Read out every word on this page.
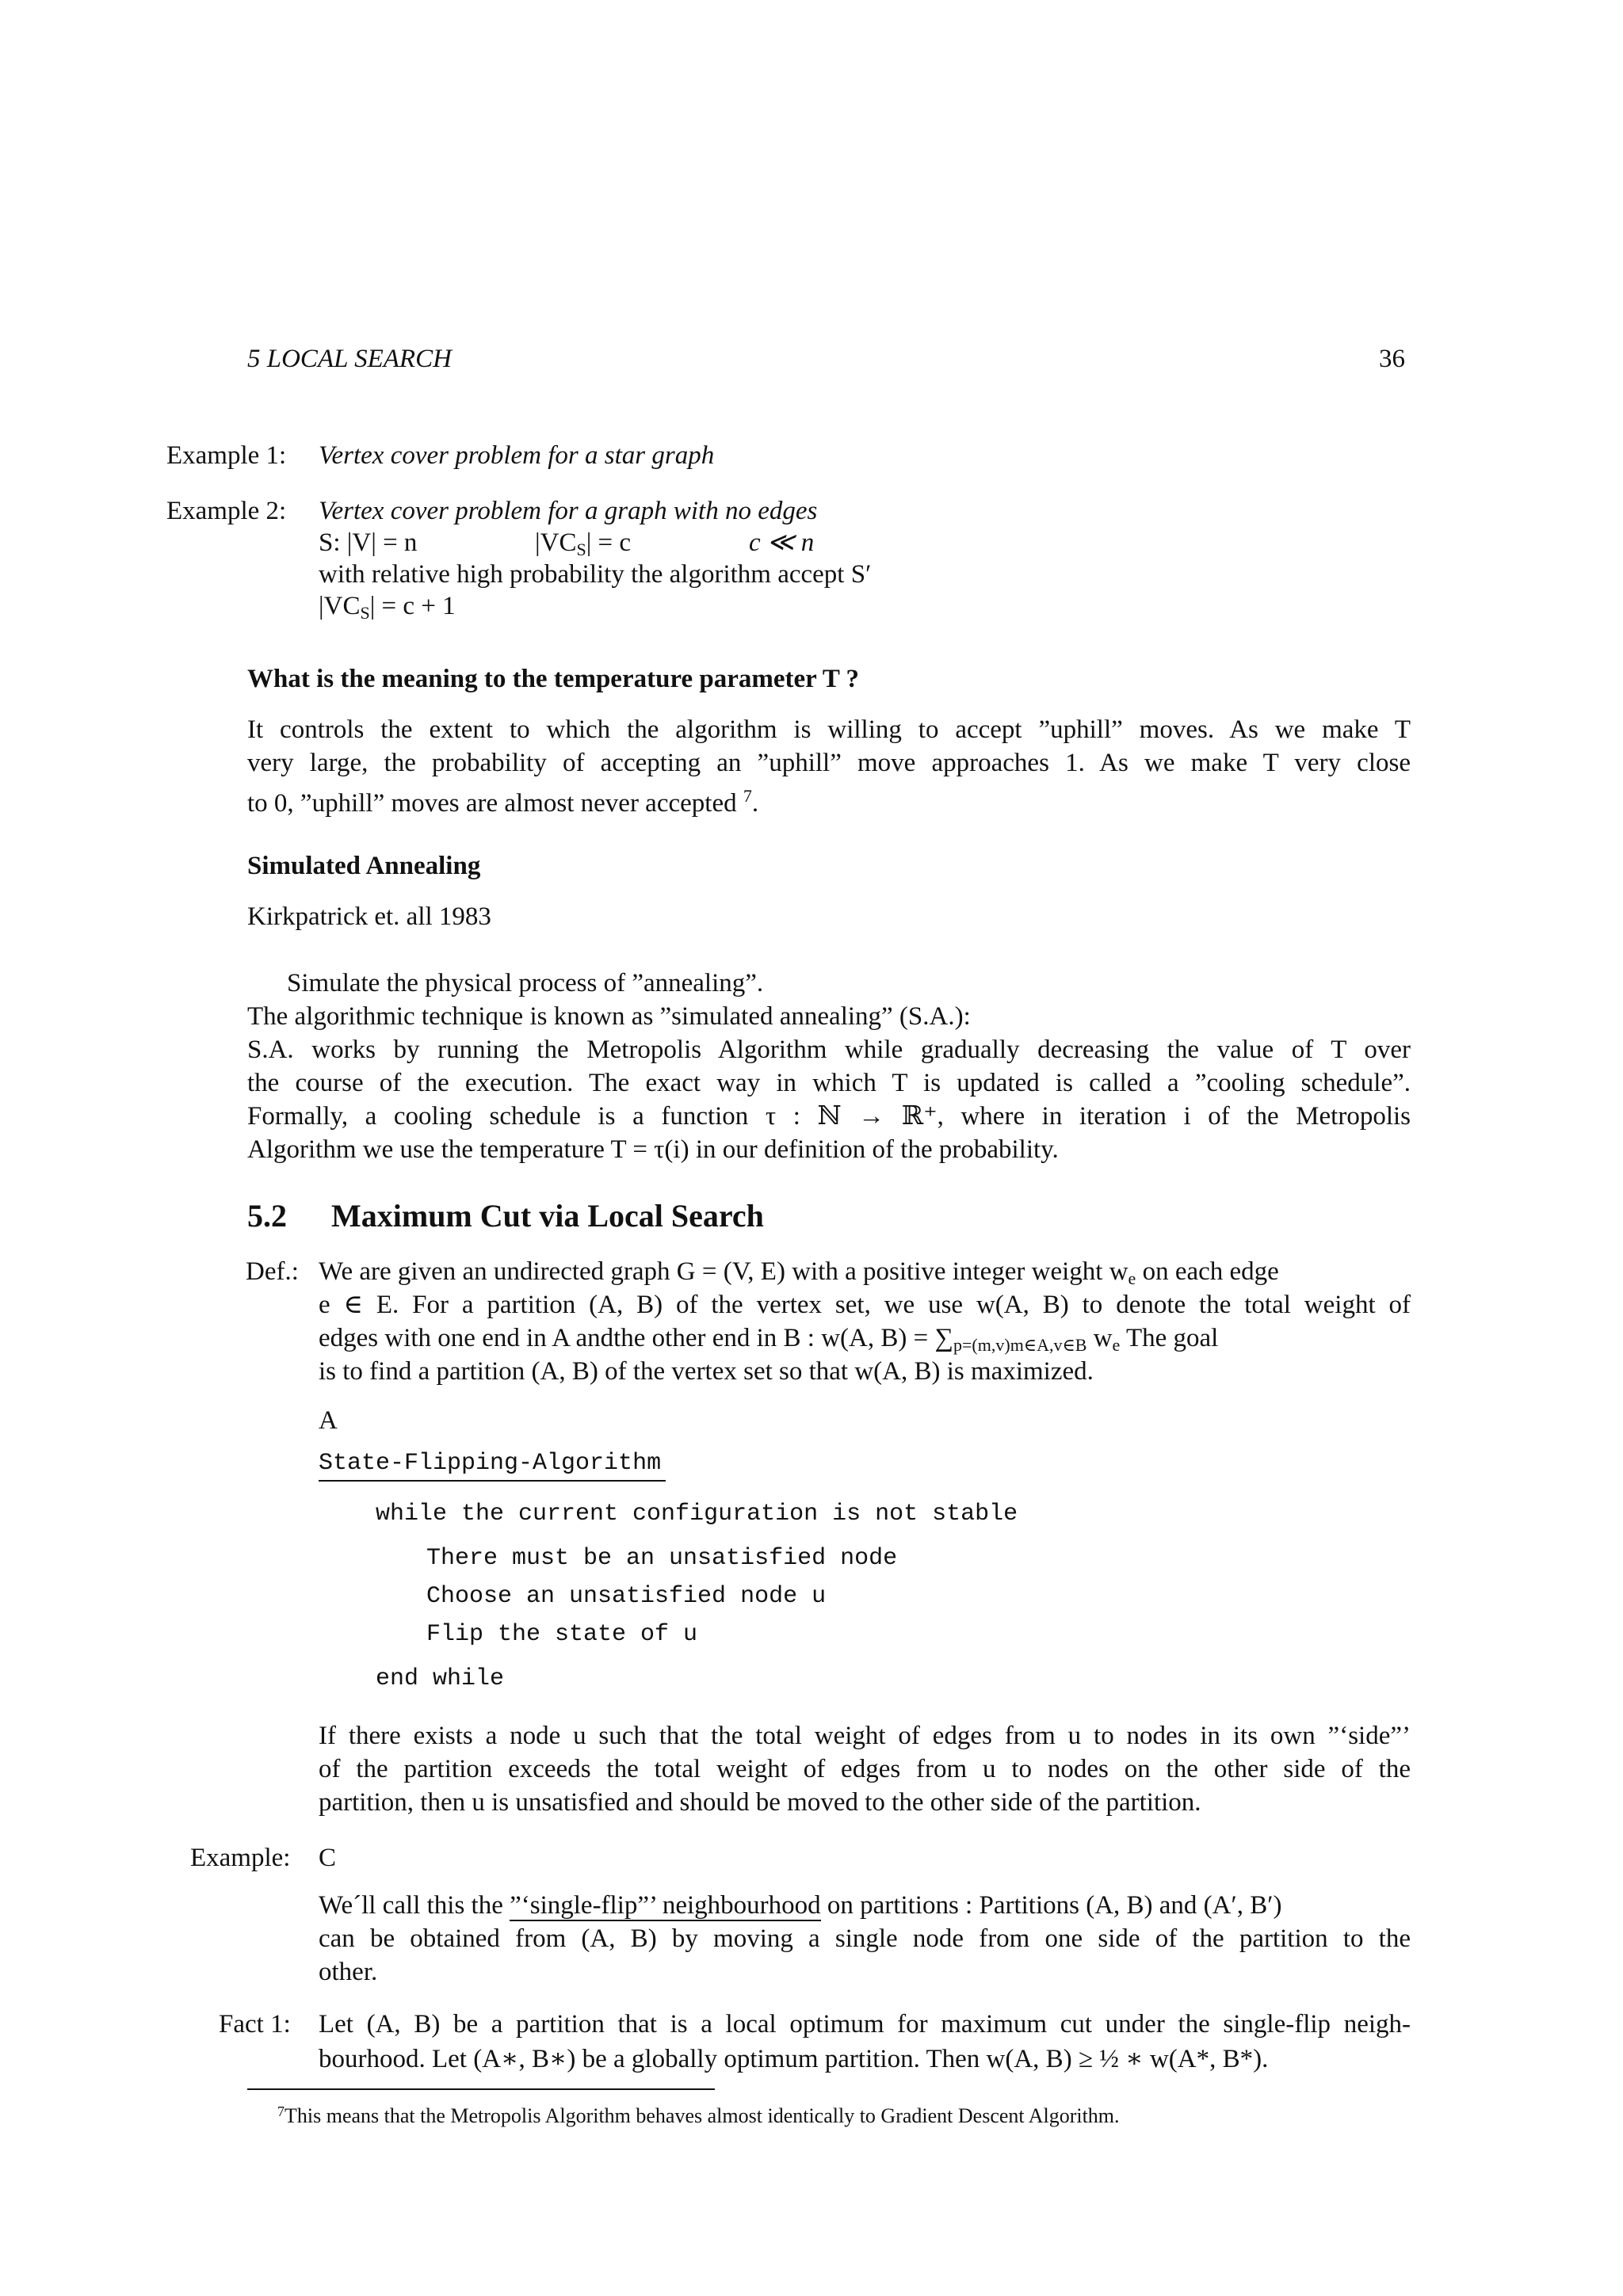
5 LOCAL SEARCH	36
Example 1: Vertex cover problem for a star graph
Example 2: Vertex cover problem for a graph with no edges
S: |V| = n	$|VC_S| = c$	c ≪ n
with relative high probability the algorithm accept S′
$|VC_S| = c + 1$
What is the meaning to the temperature parameter T ?
It controls the extent to which the algorithm is willing to accept ”uphill” moves. As we make T
very large, the probability of accepting an ”uphill” move approaches 1. As we make T very close
to 0, ”uphill” moves are almost never accepted $^7$.
Simulated Annealing
Kirkpatrick et. all 1983
Simulate the physical process of ”annealing”.
The algorithmic technique is known as ”simulated annealing” (S.A.):
S.A. works by running the Metropolis Algorithm while gradually decreasing the value of T over
the course of the execution. The exact way in which T is updated is called a ”cooling schedule”.
Formally, a cooling schedule is a function τ : ℕ → ℝ⁺, where in iteration i of the Metropolis
Algorithm we use the temperature T = τ(i) in our definition of the probability.
5.2 Maximum Cut via Local Search
Def.: We are given an undirected graph G = (V, E) with a positive integer weight $w_e$ on each edge
e ∈ E. For a partition (A, B) of the vertex set, we use w(A, B) to denote the total weight of
edges with one end in A andthe other end in B : w(A, $B) = \sum_{p=(m,v)m\in A,v\in B}$ $w_e$ The goal
is to find a partition (A, B) of the vertex set so that w(A, B) is maximized.
A
State-Flipping-Algorithm
while the current configuration is not stable
There must be an unsatisfied node
Choose an unsatisfied node u
Flip the state of u
end while
If there exists a node u such that the total weight of edges from u to nodes in its own ”‘side”’
of the partition exceeds the total weight of edges from u to nodes on the other side of the
partition, then u is unsatisfied and should be moved to the other side of the partition.
Example: C
We´ll call this the ”‘single-flip”’ neighbourhood on partitions : Partitions (A, B) and (A′, B′)
can be obtained from (A, B) by moving a single node from one side of the partition to the
other.
Fact 1: Let (A, B) be a partition that is a local optimum for maximum cut under the single-flip neigh-
bourhood. Let (A∗, B∗) be a globally optimum partition. Then w(A, B) ≥ ½ ∗ w(A*, B*).
$^7$This means that the Metropolis Algorithm behaves almost identically to Gradient Descent Algorithm.
